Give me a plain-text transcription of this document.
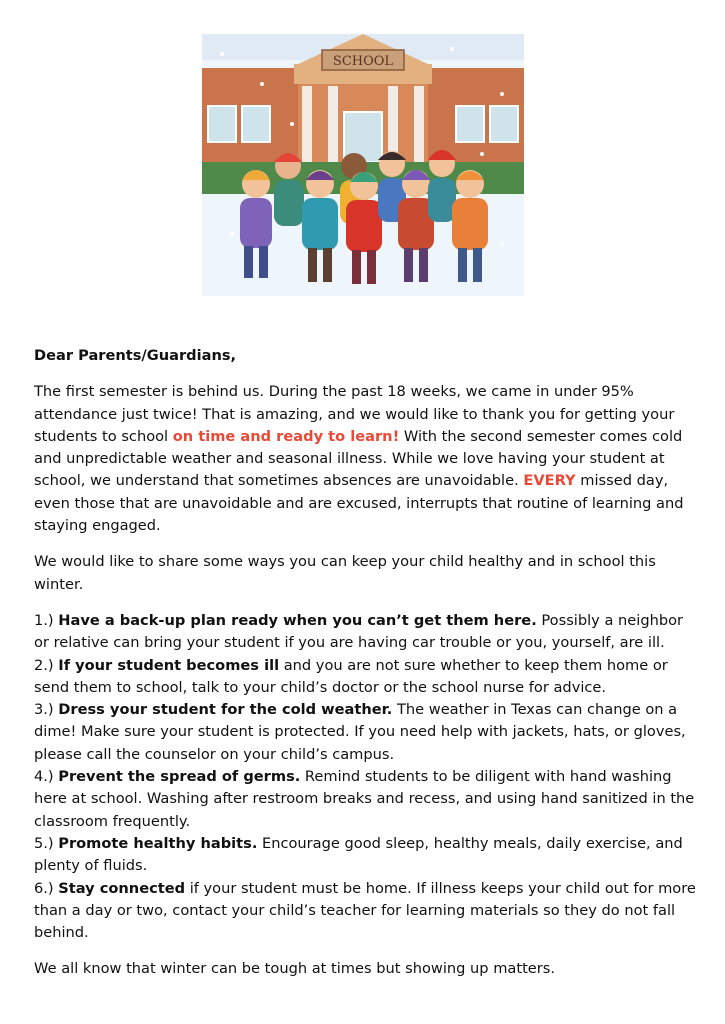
SCHOOL
Dear Parents/Guardians,

The first semester is behind us. During the past 18 weeks, we came in under 95% attendance just twice! That is amazing, and we would like to thank you for getting your students to school on time and ready to learn! With the second semester comes cold and unpredictable weather and seasonal illness. While we love having your student at school, we understand that sometimes absences are unavoidable. EVERY missed day, even those that are unavoidable and are excused, interrupts that routine of learning and staying engaged.

We would like to share some ways you can keep your child healthy and in school this winter.

1.) Have a back-up plan ready when you can’t get them here. Possibly a neighbor or relative can bring your student if you are having car trouble or you, yourself, are ill.
2.) If your student becomes ill and you are not sure whether to keep them home or send them to school, talk to your child’s doctor or the school nurse for advice.
3.) Dress your student for the cold weather. The weather in Texas can change on a dime! Make sure your student is protected. If you need help with jackets, hats, or gloves, please call the counselor on your child’s campus.
4.) Prevent the spread of germs. Remind students to be diligent with hand washing here at school. Washing after restroom breaks and recess, and using hand sanitized in the classroom frequently.
5.) Promote healthy habits. Encourage good sleep, healthy meals, daily exercise, and plenty of fluids.
6.) Stay connected if your student must be home. If illness keeps your child out for more than a day or two, contact your child’s teacher for learning materials so they do not fall behind.

We all know that winter can be tough at times but showing up matters.
